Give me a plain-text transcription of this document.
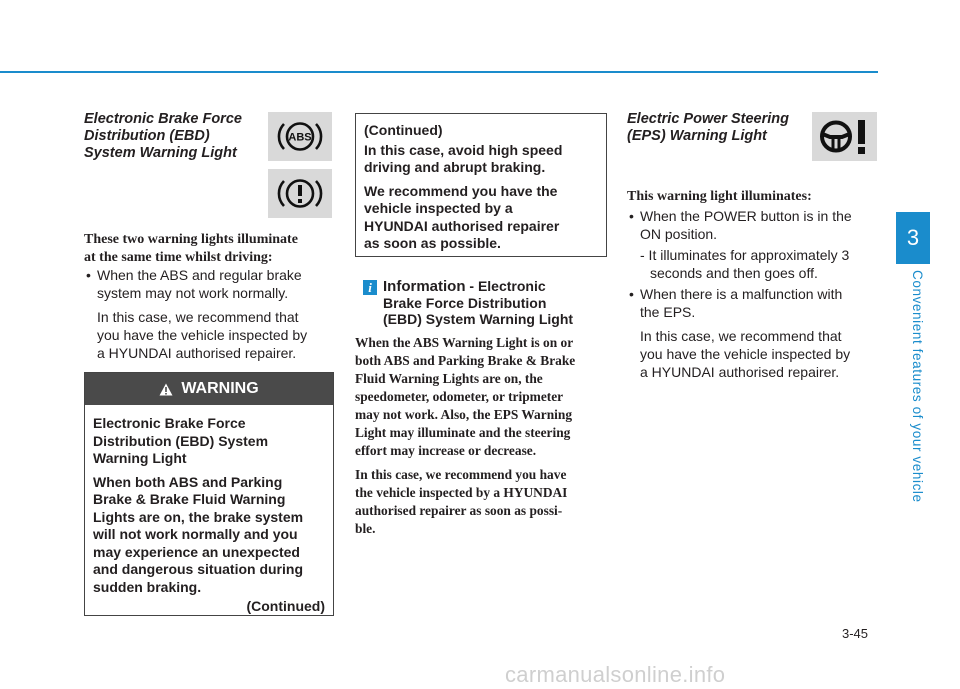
3
Convenient features of your vehicle
Electronic Brake Force
Distribution (EBD)
System Warning Light
ABS
These two warning lights illuminate
at the same time whilst driving:
• When the ABS and regular brake
system may not work normally.
In this case, we recommend that
you have the vehicle inspected by
a HYUNDAI authorised repairer.
WARNING
Electronic Brake Force
Distribution (EBD) System
Warning Light
When both ABS and Parking
Brake & Brake Fluid Warning
Lights are on, the brake system
will not work normally and you
may experience an unexpected
and dangerous situation during
sudden braking.
(Continued)
(Continued)
In this case, avoid high speed
driving and abrupt braking.
We recommend you have the
vehicle inspected by a
HYUNDAI authorised repairer
as soon as possible.
i Information - Electronic
Brake Force Distribution
(EBD) System Warning Light
When the ABS Warning Light is on or
both ABS and Parking Brake & Brake
Fluid Warning Lights are on, the
speedometer, odometer, or tripmeter
may not work. Also, the EPS Warning
Light may illuminate and the steering
effort may increase or decrease.
In this case, we recommend you have
the vehicle inspected by a HYUNDAI
authorised repairer as soon as possi-
ble.
Electric Power Steering
(EPS) Warning Light
This warning light illuminates:
• When the POWER button is in the
ON position.
- It illuminates for approximately 3
seconds and then goes off.
• When there is a malfunction with
the EPS.
In this case, we recommend that
you have the vehicle inspected by
a HYUNDAI authorised repairer.
3-45
carmanualsonline.info
